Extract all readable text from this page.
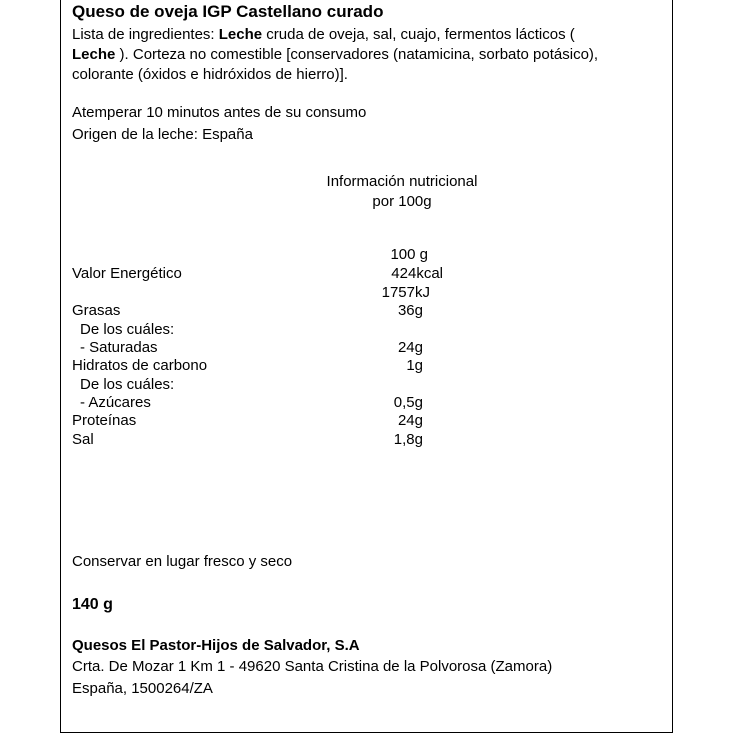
Queso de oveja IGP Castellano curado
Lista de ingredientes: Leche cruda de oveja, sal, cuajo, fermentos lácticos (
Leche ). Corteza no comestible [conservadores (natamicina, sorbato potásico),
colorante (óxidos e hidróxidos de hierro)].
Atemperar 10 minutos antes de su consumo
Origen de la leche: España
Información nutricional
por 100g
100 g
Valor Energético	424kcal
1757kJ
Grasas	36g
De los cuáles:
- Saturadas	24g
Hidratos de carbono	1g
De los cuáles:
- Azúcares	0,5g
Proteínas	24g
Sal	1,8g
Conservar en lugar fresco y seco
140 g
Quesos El Pastor-Hijos de Salvador, S.A
Crta. De Mozar 1 Km 1 - 49620 Santa Cristina de la Polvorosa (Zamora)
España, 1500264/ZA
